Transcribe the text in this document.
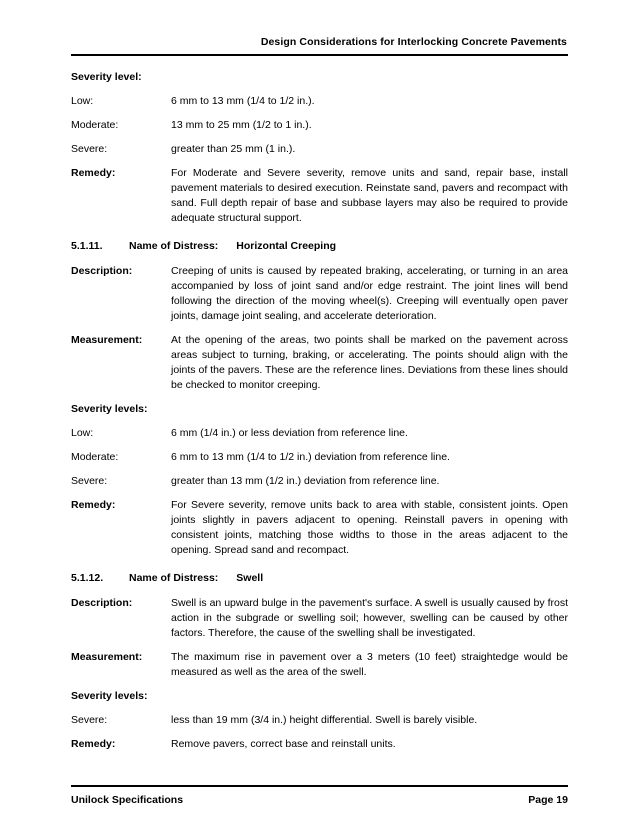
Design Considerations for Interlocking Concrete Pavements
Severity level:
Low:	6 mm to 13 mm (1/4 to 1/2 in.).
Moderate:	13 mm to 25 mm (1/2 to 1 in.).
Severe:	greater than 25 mm (1 in.).
Remedy:	For Moderate and Severe severity, remove units and sand, repair base, install pavement materials to desired execution. Reinstate sand, pavers and recompact with sand. Full depth repair of base and subbase layers may also be required to provide adequate structural support.
5.1.11.	Name of Distress: Horizontal Creeping
Description:	Creeping of units is caused by repeated braking, accelerating, or turning in an area accompanied by loss of joint sand and/or edge restraint. The joint lines will bend following the direction of the moving wheel(s). Creeping will eventually open paver joints, damage joint sealing, and accelerate deterioration.
Measurement:	At the opening of the areas, two points shall be marked on the pavement across areas subject to turning, braking, or accelerating. The points should align with the joints of the pavers. These are the reference lines. Deviations from these lines should be checked to monitor creeping.
Severity levels:
Low:	6 mm (1/4 in.) or less deviation from reference line.
Moderate:	6 mm to 13 mm (1/4 to 1/2 in.) deviation from reference line.
Severe:	greater than 13 mm (1/2 in.) deviation from reference line.
Remedy:	For Severe severity, remove units back to area with stable, consistent joints. Open joints slightly in pavers adjacent to opening. Reinstall pavers in opening with consistent joints, matching those widths to those in the areas adjacent to the opening. Spread sand and recompact.
5.1.12.	Name of Distress: Swell
Description:	Swell is an upward bulge in the pavement's surface. A swell is usually caused by frost action in the subgrade or swelling soil; however, swelling can be caused by other factors. Therefore, the cause of the swelling shall be investigated.
Measurement:	The maximum rise in pavement over a 3 meters (10 feet) straightedge would be measured as well as the area of the swell.
Severity levels:
Severe:	less than 19 mm (3/4 in.) height differential. Swell is barely visible.
Remedy:	Remove pavers, correct base and reinstall units.
Unilock Specifications	Page 19
